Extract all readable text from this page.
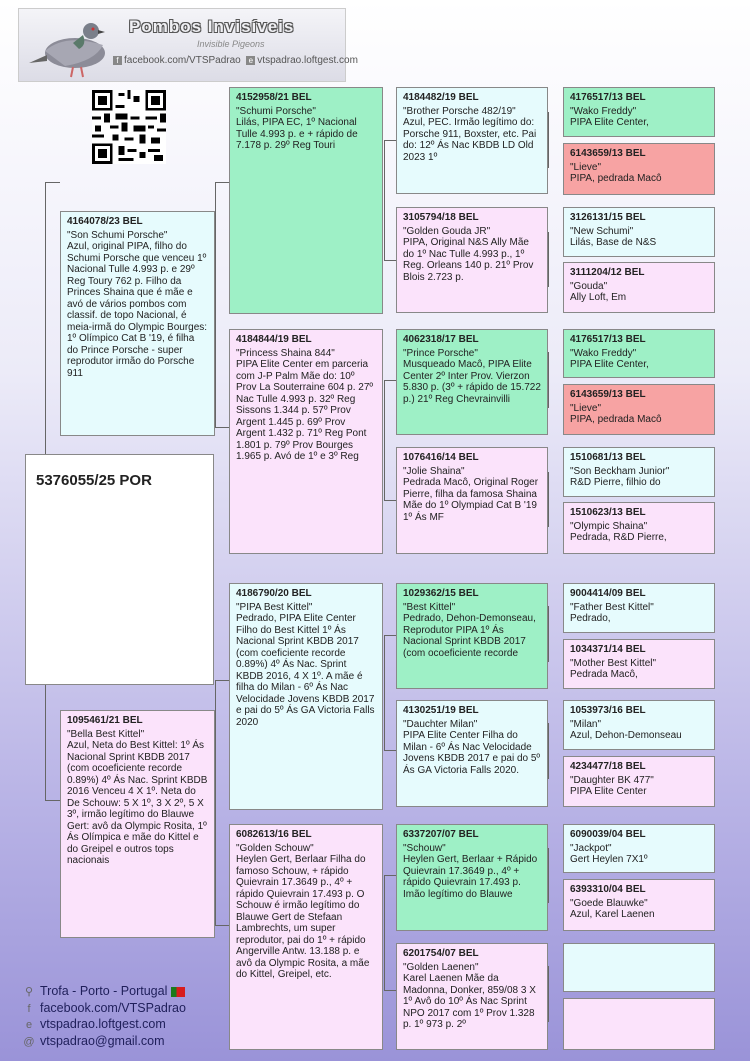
Pombos Invisíveis
Invisible Pigeons
f facebook.com/VTSPadrao e vtspadrao.loftgest.com
5376055/25 POR
4164078/23 BEL
"Son Schumi Porsche"
Azul, original PIPA, filho do Schumi Porsche que venceu 1º Nacional Tulle 4.993 p. e 29º Reg Toury 762 p. Filho da Princes Shaina que é mãe e avó de vários pombos com classif. de topo Nacional, é meia-irmã do Olympic Bourges: 1º Olímpico Cat B '19, é filha do Prince Porsche - super reprodutor irmão do Porsche 911
1095461/21 BEL
"Bella Best Kittel"
Azul, Neta do Best Kittel: 1º Ás Nacional Sprint KBDB 2017 (com ocoeficiente recorde 0.89%) 4º Ás Nac. Sprint KBDB 2016 Venceu 4 X 1º. Neta do De Schouw: 5 X 1º, 3 X 2º, 5 X 3º, irmão legítimo do Blauwe Gert: avô da Olympic Rosita, 1º Ás Olímpica e mãe do Kittel e do Greipel e outros tops nacionais
4152958/21 BEL
"Schumi Porsche"
Lilás, PIPA EC, 1º Nacional Tulle 4.993 p. e + rápido de 7.178 p. 29º Reg Touri
4184844/19 BEL
"Princess Shaina 844"
PIPA Elite Center em parceria com J-P Palm Mãe do: 10º Prov La Souterraine 604 p. 27º Nac Tulle 4.993 p. 32º Reg Sissons 1.344 p. 57º Prov Argent 1.445 p. 69º Prov Argent 1.432 p. 71º Reg Pont 1.801 p. 79º Prov Bourges 1.965 p. Avó de 1º e 3º Reg
4186790/20 BEL
"PIPA Best Kittel"
Pedrado, PIPA Elite Center Filho do Best Kittel 1º Ás Nacional Sprint KBDB 2017 (com coeficiente recorde 0.89%) 4º Ás Nac. Sprint KBDB 2016, 4 X 1º. A mãe é filha do Milan - 6º Ás Nac Velocidade Jovens KBDB 2017 e pai do 5º Ás GA Victoria Falls 2020
6082613/16 BEL
"Golden Schouw"
Heylen Gert, Berlaar Filha do famoso Schouw, + rápido Quievrain 17.3649 p., 4º + rápido Quievrain 17.493 p. O Schouw é irmão legítimo do Blauwe Gert de Stefaan Lambrechts, um super reprodutor, pai do 1º + rápido Angerville Antw. 13.188 p. e avô da Olympic Rosita, a mãe do Kittel, Greipel, etc.
4184482/19 BEL
"Brother Porsche 482/19"
Azul, PEC. Irmão legítimo do: Porsche 911, Boxster, etc. Pai do: 12º Ás Nac KBDB LD Old 2023 1º
3105794/18 BEL
"Golden Gouda JR"
PIPA, Original N&S Ally Mãe do 1º Nac Tulle 4.993 p., 1º Reg. Orleans 140 p. 21º Prov Blois 2.723 p.
4062318/17 BEL
"Prince Porsche"
Musqueado Macô, PIPA Elite Center 2º Inter Prov. Vierzon 5.830 p. (3º + rápido de 15.722 p.) 21º Reg Chevrainvilli
1076416/14 BEL
"Jolie Shaina"
Pedrada Macô, Original Roger Pierre, filha da famosa Shaina Mãe do 1º Olympiad Cat B '19 1º Ás MF
1029362/15 BEL
"Best Kittel"
Pedrado, Dehon-Demonseau, Reprodutor PIPA 1º Ás Nacional Sprint KBDB 2017 (com ocoeficiente recorde
4130251/19 BEL
"Dauchter Milan"
PIPA Elite Center Filha do Milan - 6º Ás Nac Velocidade Jovens KBDB 2017 e pai do 5º Ás GA Victoria Falls 2020.
6337207/07 BEL
"Schouw"
Heylen Gert, Berlaar + Rápido Quievrain 17.3649 p., 4º + rápido Quievrain 17.493 p. Imão legítimo do Blauwe
6201754/07 BEL
"Golden Laenen"
Karel Laenen Mãe da Madonna, Donker, 859/08 3 X 1º Avô do 10º Ás Nac Sprint NPO 2017 com 1º Prov 1.328 p. 1º 973 p. 2º
4176517/13 BEL
"Wako Freddy"
PIPA Elite Center,
6143659/13 BEL
"Lieve"
PIPA, pedrada Macô
3126131/15 BEL
"New Schumi"
Lilás, Base de N&S
3111204/12 BEL
"Gouda"
Ally Loft, Em
4176517/13 BEL
"Wako Freddy"
PIPA Elite Center,
6143659/13 BEL
"Lieve"
PIPA, pedrada Macô
1510681/13 BEL
"Son Beckham Junior"
R&D Pierre, filhio do
1510623/13 BEL
"Olympic Shaina"
Pedrada, R&D Pierre,
9004414/09 BEL
"Father Best Kittel"
Pedrado,
1034371/14 BEL
"Mother Best Kittel"
Pedrada Macô,
1053973/16 BEL
"Milan"
Azul, Dehon-Demonseau
4234477/18 BEL
"Daughter BK 477"
PIPA Elite Center
6090039/04 BEL
"Jackpot"
Gert Heylen 7X1º
6393310/04 BEL
"Goede Blauwke"
Azul, Karel Laenen
⚲ Trofa - Porto - Portugal
f facebook.com/VTSPadrao
e vtspadrao.loftgest.com
@ vtspadrao@gmail.com
